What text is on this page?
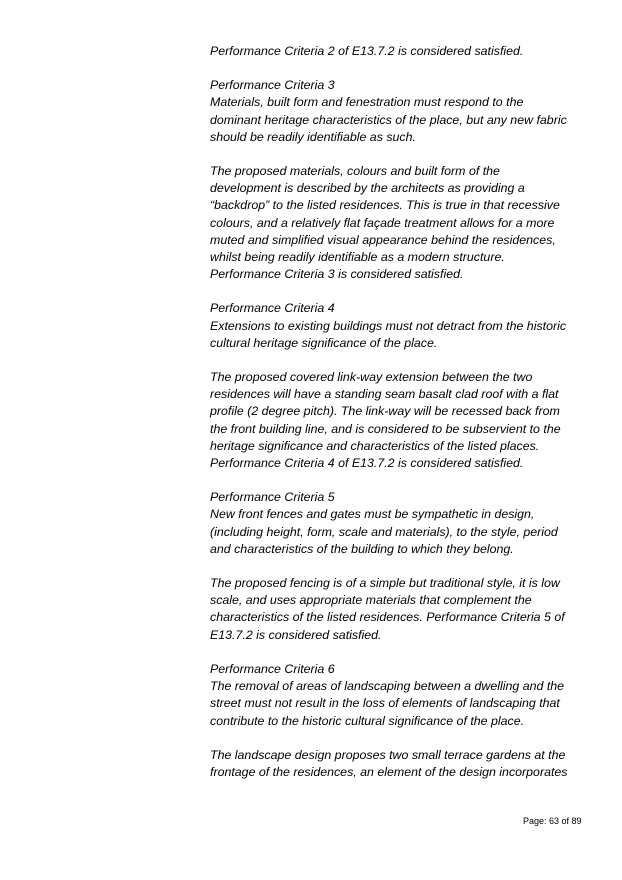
Performance Criteria 2 of E13.7.2 is considered satisfied.

Performance Criteria 3
Materials, built form and fenestration must respond to the
dominant heritage characteristics of the place, but any new fabric
should be readily identifiable as such.

The proposed materials, colours and built form of the
development is described by the architects as providing a
“backdrop” to the listed residences. This is true in that recessive
colours, and a relatively flat façade treatment allows for a more
muted and simplified visual appearance behind the residences,
whilst being readily identifiable as a modern structure.
Performance Criteria 3 is considered satisfied.

Performance Criteria 4
Extensions to existing buildings must not detract from the historic
cultural heritage significance of the place.

The proposed covered link-way extension between the two
residences will have a standing seam basalt clad roof with a flat
profile (2 degree pitch). The link-way will be recessed back from
the front building line, and is considered to be subservient to the
heritage significance and characteristics of the listed places.
Performance Criteria 4 of E13.7.2 is considered satisfied.

Performance Criteria 5
New front fences and gates must be sympathetic in design,
(including height, form, scale and materials), to the style, period
and characteristics of the building to which they belong.

The proposed fencing is of a simple but traditional style, it is low
scale, and uses appropriate materials that complement the
characteristics of the listed residences. Performance Criteria 5 of
E13.7.2 is considered satisfied.

Performance Criteria 6
The removal of areas of landscaping between a dwelling and the
street must not result in the loss of elements of landscaping that
contribute to the historic cultural significance of the place.

The landscape design proposes two small terrace gardens at the
frontage of the residences, an element of the design incorporates

Page: 63 of 89
